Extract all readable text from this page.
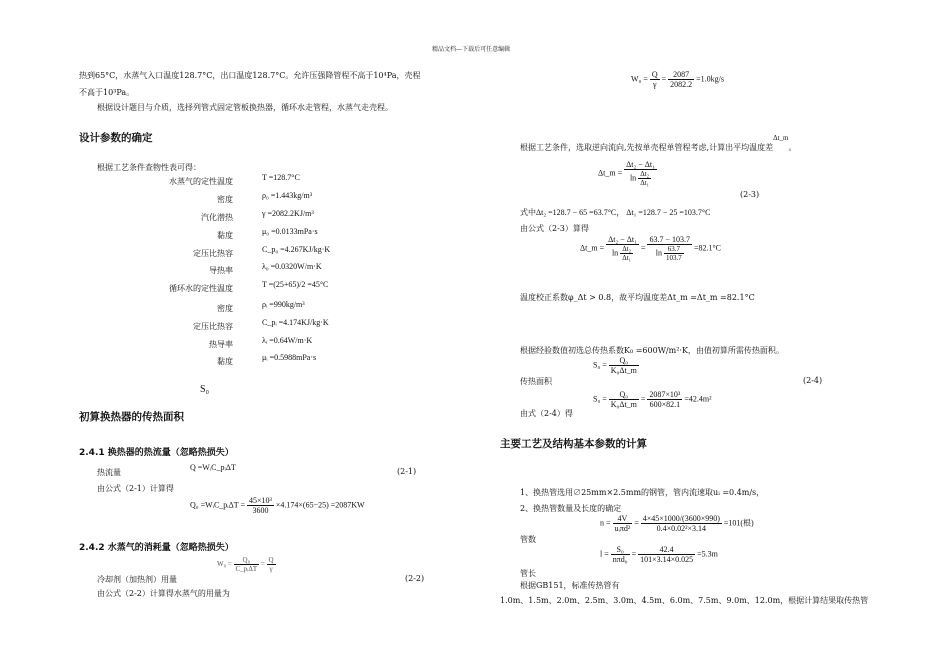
精品文档---下载后可任意编辑
热到65°C，水蒸气入口温度128.7°C，出口温度128.7°C。允许压强降管程不高于10⁴Pa，壳程
不高于10³Pa。
根据设计题目与介质，选择列管式固定管板换热器，循环水走管程，水蒸气走壳程。
设计参数的确定
根据工艺条件查物性表可得：
水蒸气的定性温度	T =128.7°C
密度	ρ₀ =1.443kg/m³
汽化潜热	γ =2082.2KJ/m³
黏度	μ₀ =0.0133mPa·s
定压比热容	C_p₀ =4.267KJ/kg·K
导热率	λ₀ =0.0320W/m·K
循环水的定性温度	T =(25+65)/2 =45°C
密度	ρᵢ =990kg/m³
定压比热容	C_pᵢ =4.174KJ/kg·K
热导率	λᵢ =0.64W/m·K
黏度	μᵢ =0.5988mPa·s
S₀
初算换热器的传热面积
2.4.1 换热器的热流量（忽略热损失）
热流量
Q =WᵢC_pᵢΔT	(2-1)
由公式（2-1）计算得
Q₀ =WᵢC_pᵢΔT = $\frac{\text{45×10³}}{3600} \times 4.174\times(65-25) =2087KW$
2.4.2 水蒸气的消耗量（忽略热损失）
$W_0 = \frac{\text{Q₀}}{\text{C\_pᵢΔT}} = \frac{Q}{\gamma}$
冷却剂（加热剂）用量	(2-2)
由公式（2-2）计算得水蒸气的用量为
$W_0 = \frac{Q}{\gamma} = \frac{2087}{2082.2} =1.0kg/s$
根据工艺条件，选取逆向流向,先按单壳程单管程考虑,计算出平均温度差Δt_m。
Δt_m = $\frac{\text{Δt₂ − Δt₁}}{\ln \frac{\text{Δt₂}}{\text{Δt₁}}}$
(2-3)
式中Δt₂ =128.7 − 65 =63.7°C， Δt₁ =128.7 − 25 =103.7°C
由公式（2-3）算得
Δt_m = $\frac{\text{Δt₂ − Δt₁}}{\ln \frac{\text{Δt₂}}{\text{Δt₁}}} = \frac{63.7 - 103.7}{\ln \frac{63.7}{103.7}} =82.1^\circ C$
温度校正系数φ_Δt > 0.8，故平均温度差Δt_m =Δt_m =82.1°C
根据经验数值初选总传热系数K₀ =600W/m²·K，由值初算所需传热面积。
$S_0 = \frac{\text{Q₀}}{\text{K₀Δt\_m}}$
传热面积	(2-4)
$S_0 = \frac{\text{Q₀}}{\text{K₀Δt\_m}} = \frac{\text{2087×10³}}{600\times 82.1} =42.4m^2$
由式（2-4）得
主要工艺及结构基本参数的计算
1、换热管选用∅25mm×2.5mm的钢管，管内流速取uᵢ =0.4m/s，
2、换热管数量及长度的确定
$n = \frac{4V}{\text{uᵢπd²}} = \frac{4\times 45\times 1000/(3600\times 990)}{\text{0.4×0.02²×3.14}} =101$(根)
管数
$l = \frac{\text{S₀}}{\text{nπd₀}} = \frac{42.4}{101\times 3.14\times 0.025} =5.3m$
管长
根据GB151，标准传热管有
1.0m、1.5m、2.0m、2.5m、3.0m、4.5m、6.0m、7.5m、9.0m、12.0m，根据计算结果取传热管
